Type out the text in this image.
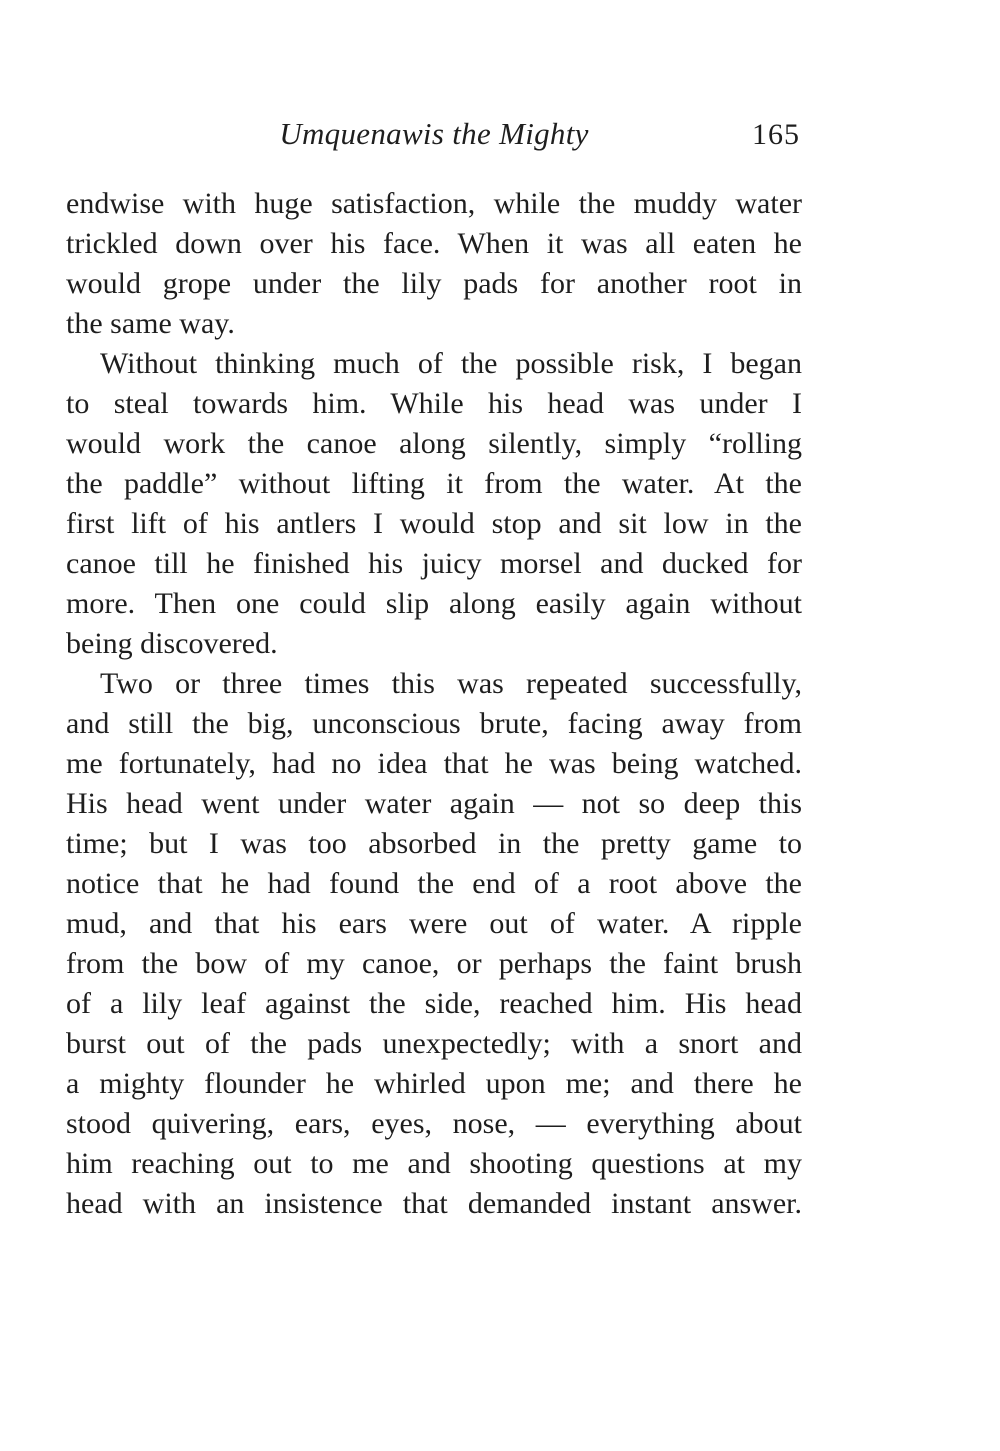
Umquenawis the Mighty	165
endwise with huge satisfaction, while the muddy water
trickled down over his face. When it was all eaten he
would grope under the lily pads for another root in
the same way.
Without thinking much of the possible risk, I began
to steal towards him. While his head was under I
would work the canoe along silently, simply “rolling
the paddle” without lifting it from the water. At the
first lift of his antlers I would stop and sit low in the
canoe till he finished his juicy morsel and ducked for
more. Then one could slip along easily again without
being discovered.
Two or three times this was repeated successfully,
and still the big, unconscious brute, facing away from
me fortunately, had no idea that he was being watched.
His head went under water again — not so deep this
time; but I was too absorbed in the pretty game to
notice that he had found the end of a root above the
mud, and that his ears were out of water. A ripple
from the bow of my canoe, or perhaps the faint brush
of a lily leaf against the side, reached him. His head
burst out of the pads unexpectedly; with a snort and
a mighty flounder he whirled upon me; and there he
stood quivering, ears, eyes, nose, — everything about
him reaching out to me and shooting questions at my
head with an insistence that demanded instant answer.
